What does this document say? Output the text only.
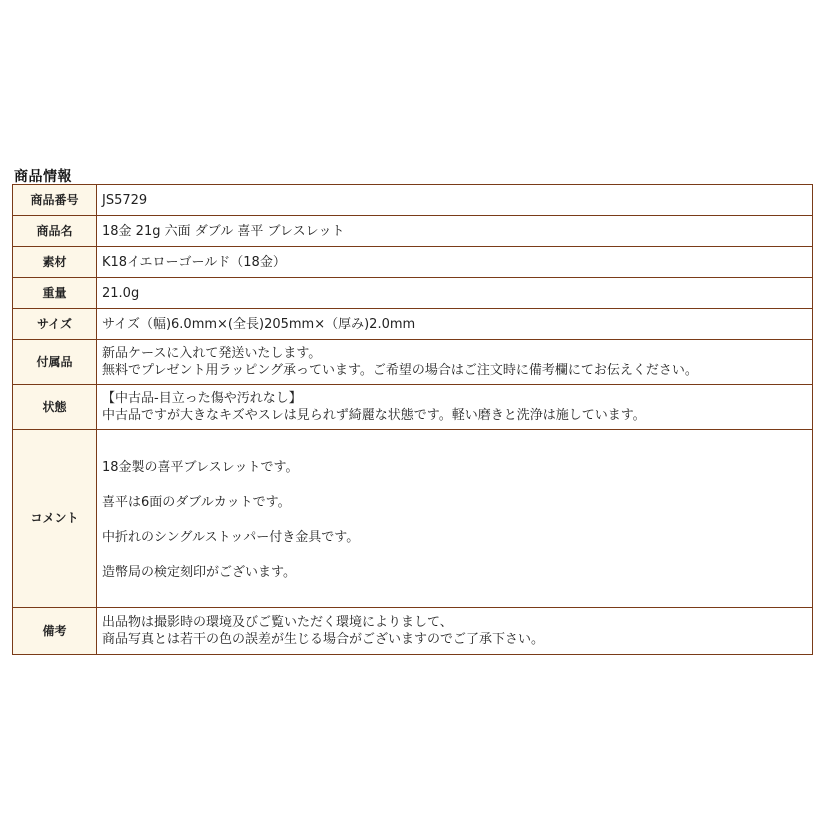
商品情報
商品番号	JS5729
商品名	18金 21g 六面 ダブル 喜平 ブレスレット
素材	K18イエローゴールド（18金）
重量	21.0g
サイズ	サイズ（幅)6.0mm×(全長)205mm×（厚み)2.0mm
付属品	新品ケースに入れて発送いたします。
無料でプレゼント用ラッピング承っています。ご希望の場合はご注文時に備考欄にてお伝えください。

状態	【中古品-目立った傷や汚れなし】
中古品ですが大きなキズやスレは見られず綺麗な状態です。軽い磨きと洗浄は施しています。

コメント	18金製の喜平ブレスレットです。
喜平は6面のダブルカットです。
中折れのシングルストッパー付き金具です。
造幣局の検定刻印がございます。

備考	出品物は撮影時の環境及びご覧いただく環境によりまして、
商品写真とは若干の色の誤差が生じる場合がございますのでご了承下さい。
